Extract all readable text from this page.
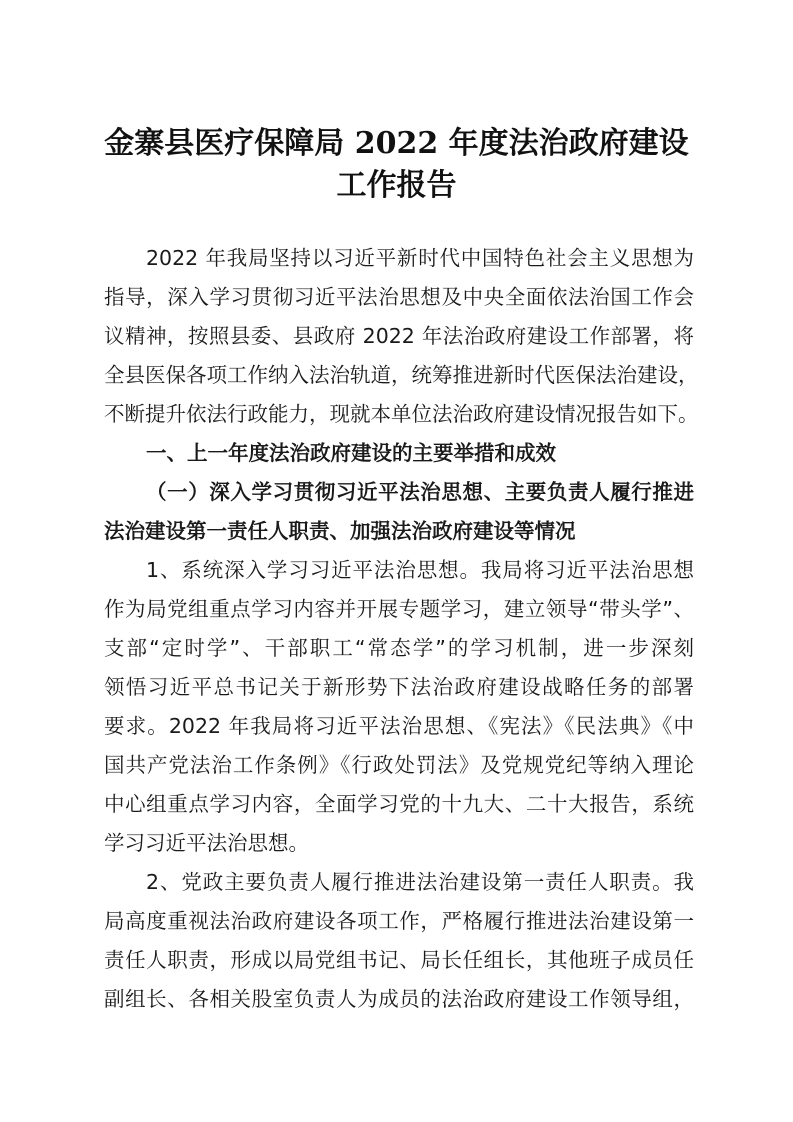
金寨县医疗保障局 2022 年度法治政府建设
工作报告
2022 年我局坚持以习近平新时代中国特色社会主义思想为
指导，深入学习贯彻习近平法治思想及中央全面依法治国工作会
议精神，按照县委、县政府 2022 年法治政府建设工作部署，将
全县医保各项工作纳入法治轨道，统筹推进新时代医保法治建设，
不断提升依法行政能力，现就本单位法治政府建设情况报告如下。
一、上一年度法治政府建设的主要举措和成效
（一）深入学习贯彻习近平法治思想、主要负责人履行推进
法治建设第一责任人职责、加强法治政府建设等情况
1、系统深入学习习近平法治思想。我局将习近平法治思想
作为局党组重点学习内容并开展专题学习，建立领导“带头学”、
支部“定时学”、干部职工“常态学”的学习机制，进一步深刻
领悟习近平总书记关于新形势下法治政府建设战略任务的部署
要求。2022 年我局将习近平法治思想、《宪法》《民法典》《中
国共产党法治工作条例》《行政处罚法》及党规党纪等纳入理论
中心组重点学习内容，全面学习党的十九大、二十大报告，系统
学习习近平法治思想。
2、党政主要负责人履行推进法治建设第一责任人职责。我
局高度重视法治政府建设各项工作，严格履行推进法治建设第一
责任人职责，形成以局党组书记、局长任组长，其他班子成员任
副组长、各相关股室负责人为成员的法治政府建设工作领导组，
